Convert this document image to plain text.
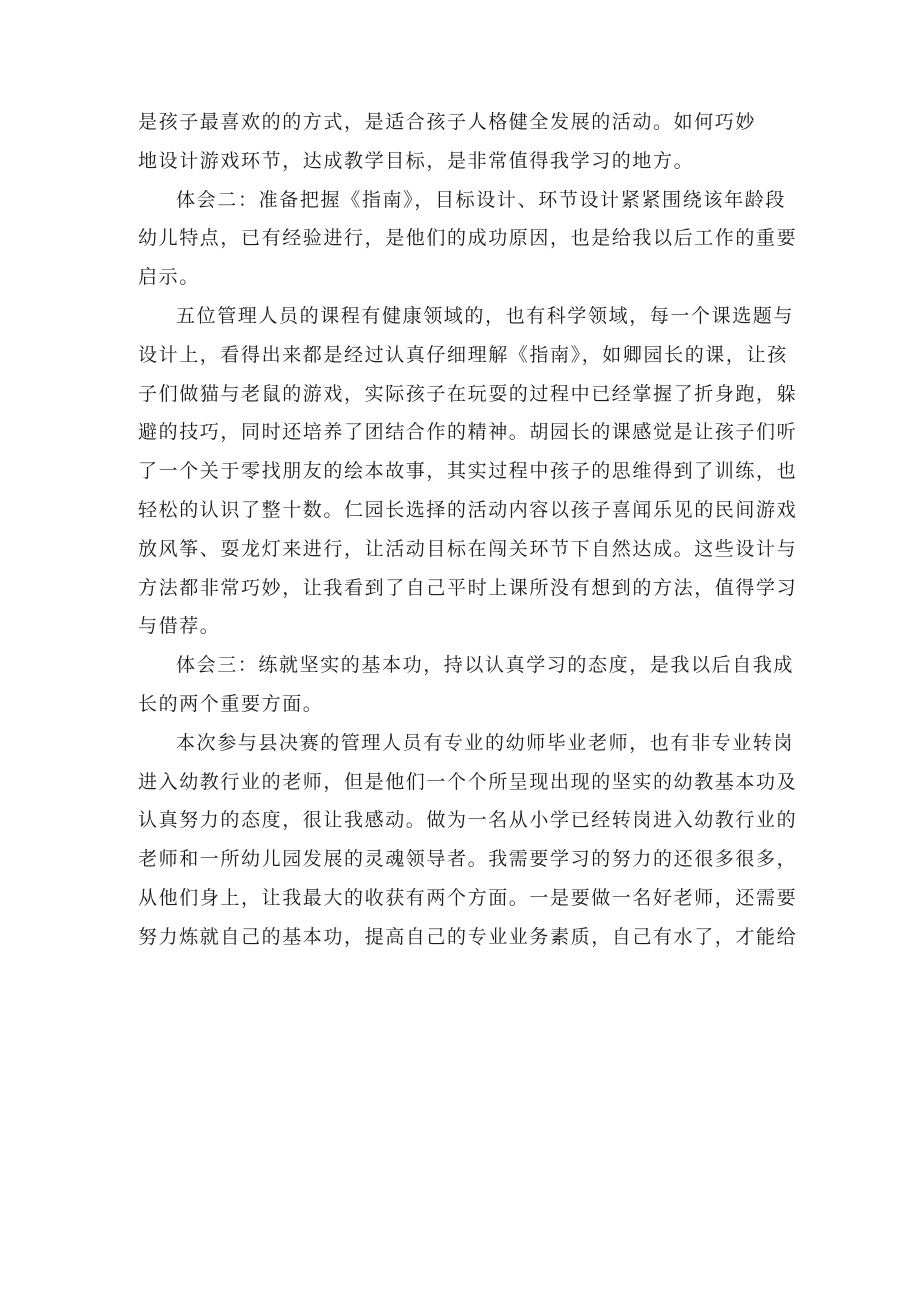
是孩子最喜欢的的方式，是适合孩子人格健全发展的活动。如何巧妙
地设计游戏环节，达成教学目标，是非常值得我学习的地方。
体会二：准备把握《指南》，目标设计、环节设计紧紧围绕该年龄段
幼儿特点，已有经验进行，是他们的成功原因，也是给我以后工作的重要
启示。
五位管理人员的课程有健康领域的，也有科学领域，每一个课选题与
设计上，看得出来都是经过认真仔细理解《指南》，如卿园长的课，让孩
子们做猫与老鼠的游戏，实际孩子在玩耍的过程中已经掌握了折身跑，躲
避的技巧，同时还培养了团结合作的精神。胡园长的课感觉是让孩子们听
了一个关于零找朋友的绘本故事，其实过程中孩子的思维得到了训练，也
轻松的认识了整十数。仁园长选择的活动内容以孩子喜闻乐见的民间游戏
放风筝、耍龙灯来进行，让活动目标在闯关环节下自然达成。这些设计与
方法都非常巧妙，让我看到了自己平时上课所没有想到的方法，值得学习
与借荐。
体会三：练就坚实的基本功，持以认真学习的态度，是我以后自我成
长的两个重要方面。
本次参与县决赛的管理人员有专业的幼师毕业老师，也有非专业转岗
进入幼教行业的老师，但是他们一个个所呈现出现的坚实的幼教基本功及
认真努力的态度，很让我感动。做为一名从小学已经转岗进入幼教行业的
老师和一所幼儿园发展的灵魂领导者。我需要学习的努力的还很多很多，
从他们身上，让我最大的收获有两个方面。一是要做一名好老师，还需要
努力炼就自己的基本功，提高自己的专业业务素质，自己有水了，才能给
